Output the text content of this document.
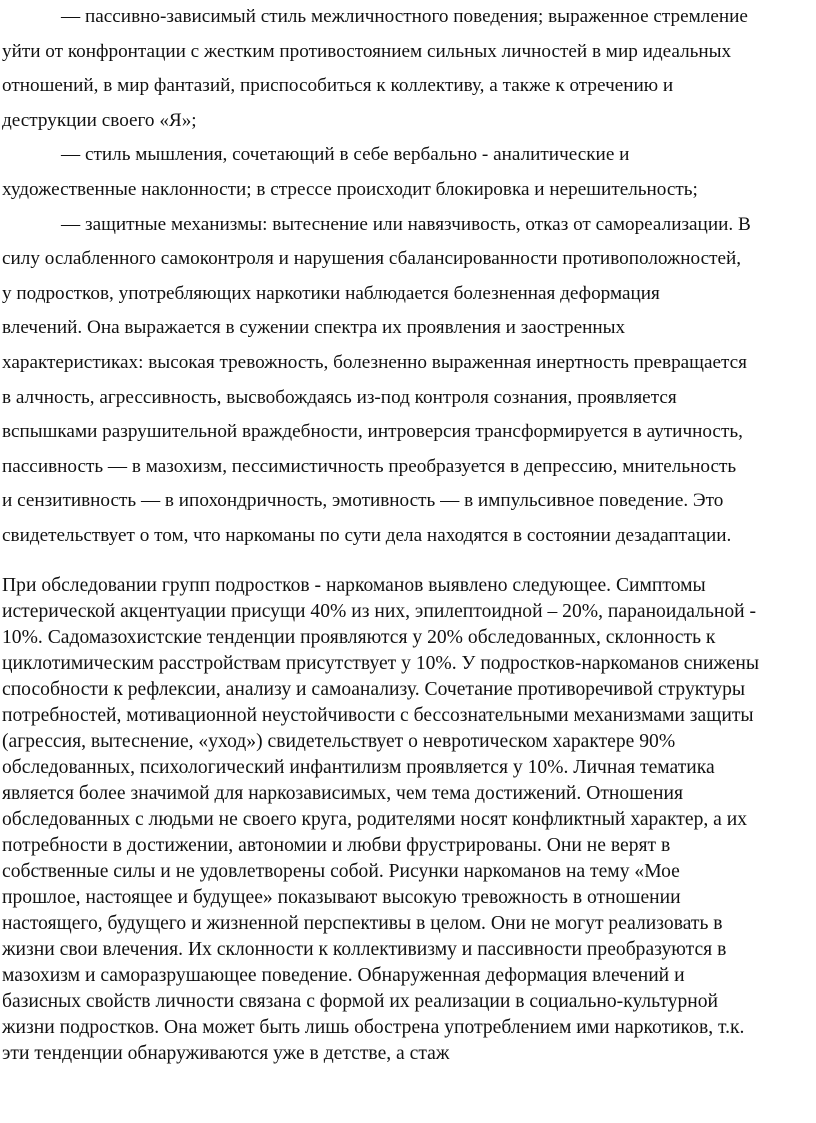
— пассивно-зависимый стиль межличностного поведения; выраженное стремление

уйти от конфронтации с жестким противостоянием сильных личностей в мир идеальных

отношений, в мир фантазий, приспособиться к коллективу, а также к отречению и

деструкции своего «Я»;

— стиль мышления, сочетающий в себе вербально - аналитические и

художественные наклонности; в стрессе происходит блокировка и нерешительность;

— защитные механизмы: вытеснение или навязчивость, отказ от самореализации. В

силу ослабленного самоконтроля и нарушения сбалансированности противоположностей,

у подростков, употребляющих наркотики наблюдается болезненная деформация

влечений. Она выражается в сужении спектра их проявления и заостренных

характеристиках: высокая тревожность, болезненно выраженная инертность превращается

в алчность, агрессивность, высвобождаясь из-под контроля сознания, проявляется

вспышками разрушительной враждебности, интроверсия трансформируется в аутичность,

пассивность — в мазохизм, пессимистичность преобразуется в депрессию, мнительность

и сензитивность — в ипохондричность, эмотивность — в импульсивное поведение. Это

свидетельствует о том, что наркоманы по сути дела находятся в состоянии дезадаптации.

При обследовании групп подростков - наркоманов выявлено следующее. Симптомы

истерической акцентуации присущи 40% из них, эпилептоидной – 20%, параноидальной -

10%. Садомазохистские тенденции проявляются у 20% обследованных, склонность к

циклотимическим расстройствам присутствует у 10%. У подростков-наркоманов снижены

способности к рефлексии, анализу и самоанализу. Сочетание противоречивой структуры

потребностей, мотивационной неустойчивости с бессознательными механизмами защиты

(агрессия, вытеснение, «уход») свидетельствует о невротическом характере 90%

обследованных, психологический инфантилизм проявляется у 10%. Личная тематика

является более значимой для наркозависимых, чем тема достижений. Отношения

обследованных с людьми не своего круга, родителями носят конфликтный характер, а их

потребности в достижении, автономии и любви фрустрированы. Они не верят в

собственные силы и не удовлетворены собой. Рисунки наркоманов на тему «Мое

прошлое, настоящее и будущее» показывают высокую тревожность в отношении

настоящего, будущего и жизненной перспективы в целом. Они не могут реализовать в

жизни свои влечения. Их склонности к коллективизму и пассивности преобразуются в

мазохизм и саморазрушающее поведение. Обнаруженная деформация влечений и

базисных свойств личности связана с формой их реализации в социально-культурной

жизни подростков. Она может быть лишь обострена употреблением ими наркотиков, т.к.

эти тенденции обнаруживаются уже в детстве, а стаж
